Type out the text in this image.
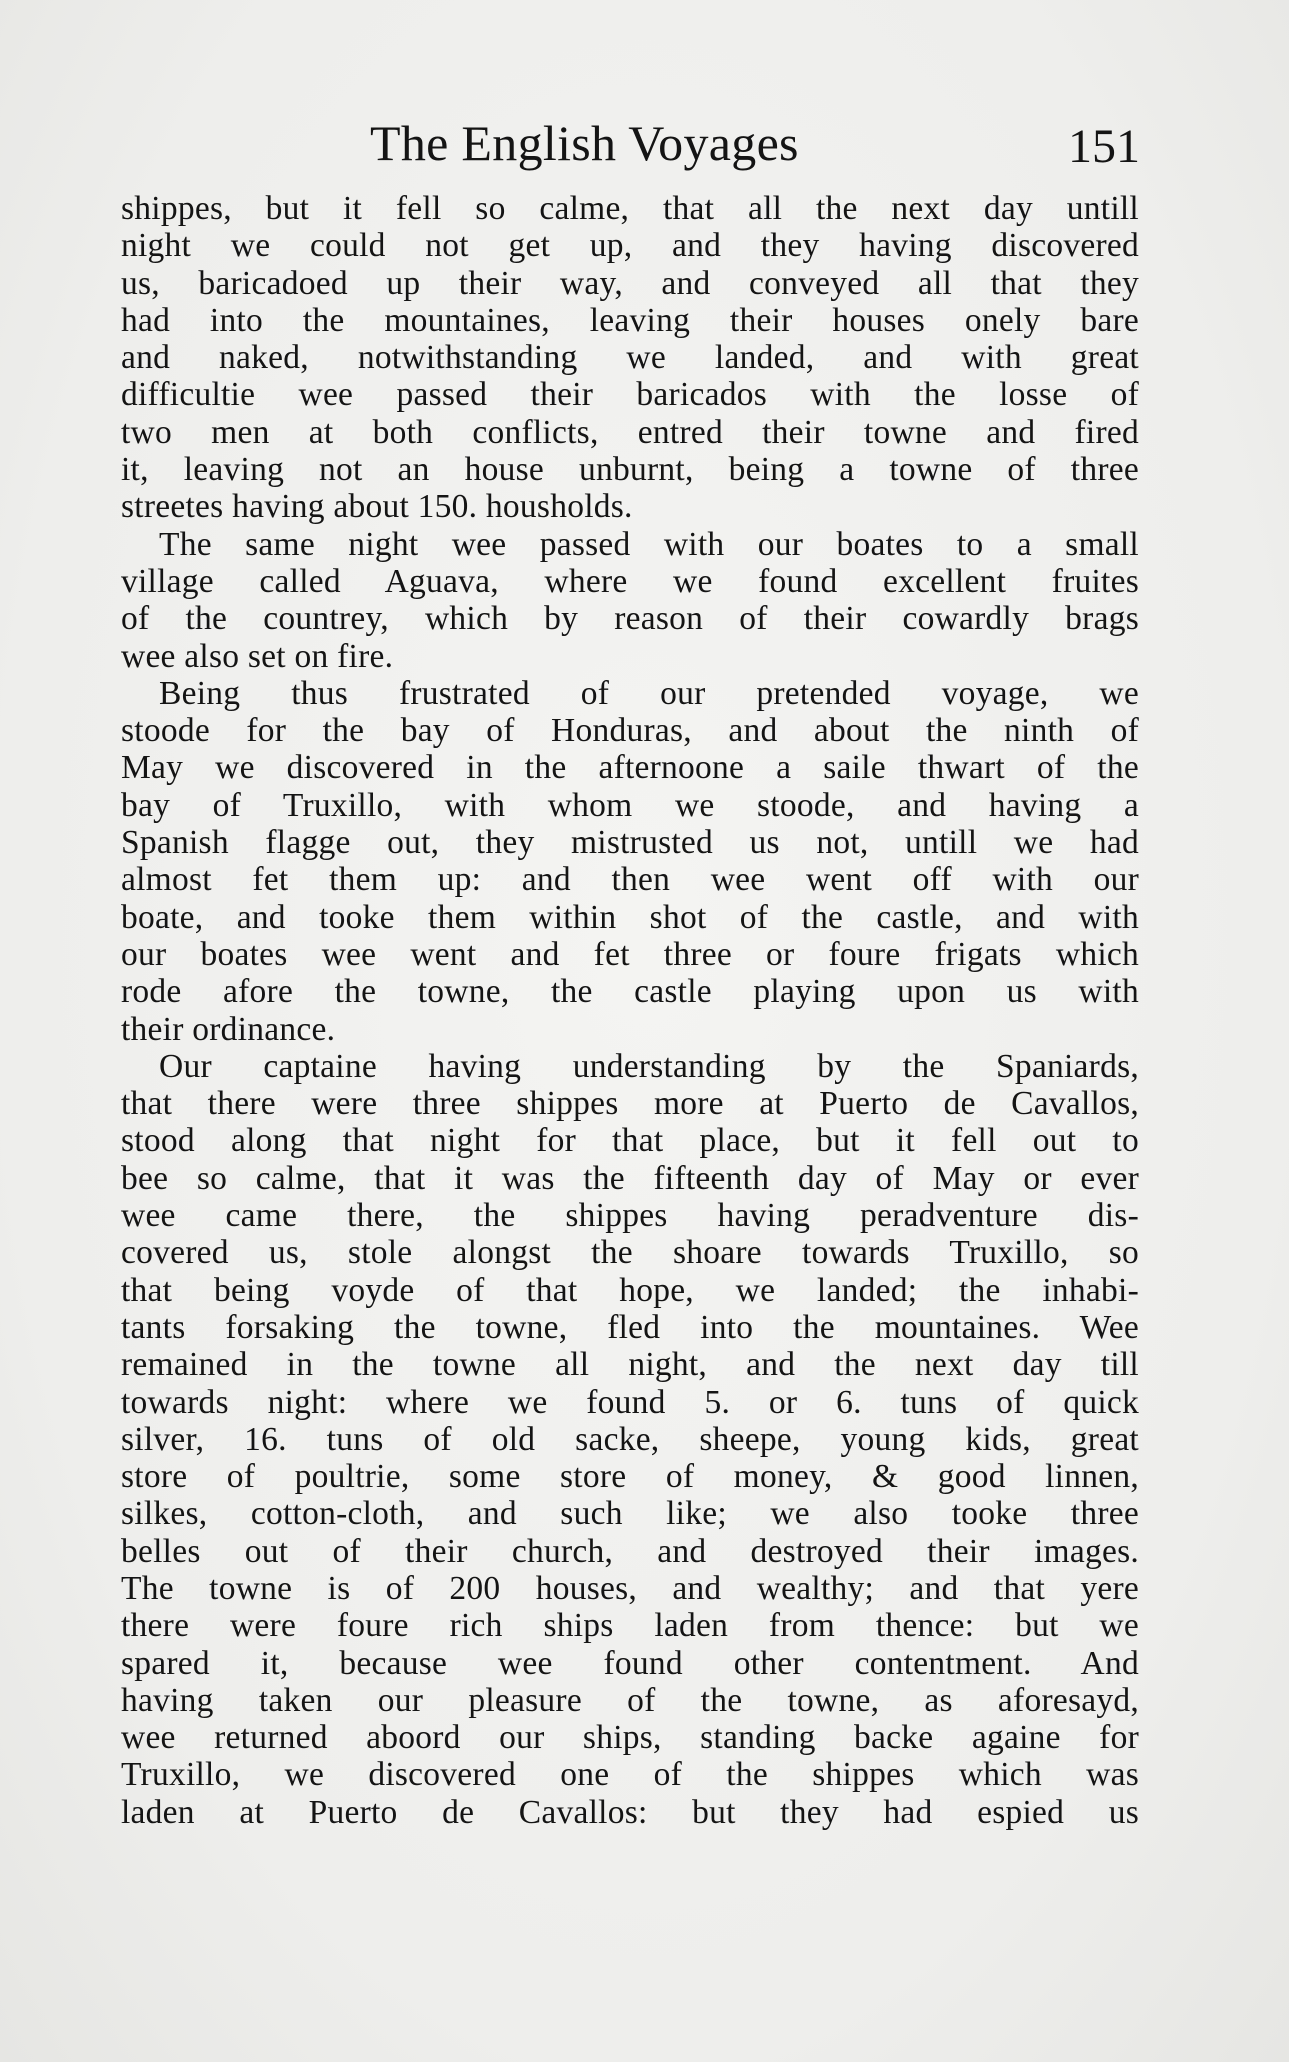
The English Voyages	151
shippes, but it fell so calme, that all the next day untill
night we could not get up, and they having discovered
us, baricadoed up their way, and conveyed all that they
had into the mountaines, leaving their houses onely bare
and naked, notwithstanding we landed, and with great
difficultie wee passed their baricados with the losse of
two men at both conflicts, entred their towne and fired
it, leaving not an house unburnt, being a towne of three
streetes having about 150. housholds.
The same night wee passed with our boates to a small
village called Aguava, where we found excellent fruites
of the countrey, which by reason of their cowardly brags
wee also set on fire.
Being thus frustrated of our pretended voyage, we
stoode for the bay of Honduras, and about the ninth of
May we discovered in the afternoone a saile thwart of the
bay of Truxillo, with whom we stoode, and having a
Spanish flagge out, they mistrusted us not, untill we had
almost fet them up: and then wee went off with our
boate, and tooke them within shot of the castle, and with
our boates wee went and fet three or foure frigats which
rode afore the towne, the castle playing upon us with
their ordinance.
Our captaine having understanding by the Spaniards,
that there were three shippes more at Puerto de Cavallos,
stood along that night for that place, but it fell out to
bee so calme, that it was the fifteenth day of May or ever
wee came there, the shippes having peradventure dis-
covered us, stole alongst the shoare towards Truxillo, so
that being voyde of that hope, we landed; the inhabi-
tants forsaking the towne, fled into the mountaines. Wee
remained in the towne all night, and the next day till
towards night: where we found 5. or 6. tuns of quick
silver, 16. tuns of old sacke, sheepe, young kids, great
store of poultrie, some store of money, & good linnen,
silkes, cotton-cloth, and such like; we also tooke three
belles out of their church, and destroyed their images.
The towne is of 200 houses, and wealthy; and that yere
there were foure rich ships laden from thence: but we
spared it, because wee found other contentment. And
having taken our pleasure of the towne, as aforesayd,
wee returned aboord our ships, standing backe againe for
Truxillo, we discovered one of the shippes which was
laden at Puerto de Cavallos: but they had espied us
